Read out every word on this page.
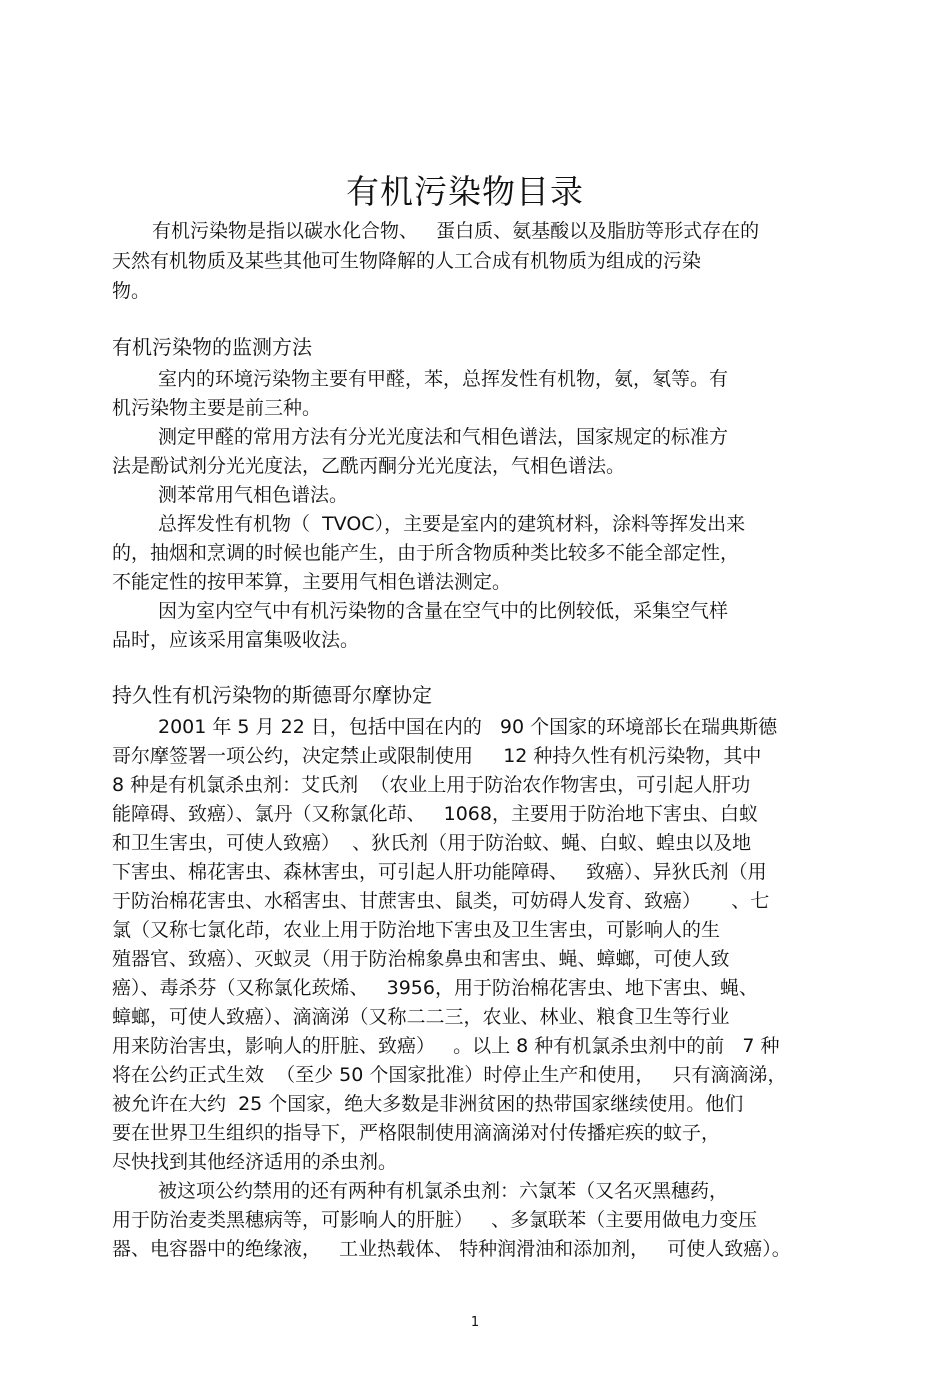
有机污染物目录
有机污染物是指以碳水化合物、   蛋白质、氨基酸以及脂肪等形式存在的
天然有机物质及某些其他可生物降解的人工合成有机物质为组成的污染
物。
有机污染物的监测方法
室内的环境污染物主要有甲醛，苯，总挥发性有机物，氨，氡等。有
机污染物主要是前三种。
测定甲醛的常用方法有分光光度法和气相色谱法，国家规定的标准方
法是酚试剂分光光度法，乙酰丙酮分光光度法，气相色谱法。
测苯常用气相色谱法。
总挥发性有机物（  TVOC），主要是室内的建筑材料，涂料等挥发出来
的，抽烟和烹调的时候也能产生，由于所含物质种类比较多不能全部定性，
不能定性的按甲苯算，主要用气相色谱法测定。
因为室内空气中有机污染物的含量在空气中的比例较低，采集空气样
品时，应该采用富集吸收法。
持久性有机污染物的斯德哥尔摩协定
2001 年 5 月 22 日，包括中国在内的   90 个国家的环境部长在瑞典斯德
哥尔摩签署一项公约，决定禁止或限制使用     12 种持久性有机污染物，其中
8 种是有机氯杀虫剂：艾氏剂  （农业上用于防治农作物害虫，可引起人肝功
能障碍、致癌）、氯丹（又称氯化茚、   1068，主要用于防治地下害虫、白蚁
和卫生害虫，可使人致癌）  、狄氏剂（用于防治蚊、蝇、白蚁、蝗虫以及地
下害虫、棉花害虫、森林害虫，可引起人肝功能障碍、   致癌）、异狄氏剂（用
于防治棉花害虫、水稻害虫、甘蔗害虫、鼠类，可妨碍人发育、致癌）     、七
氯（又称七氯化茚，农业上用于防治地下害虫及卫生害虫，可影响人的生
殖器官、致癌）、灭蚁灵（用于防治棉象鼻虫和害虫、蝇、蟑螂，可使人致
癌）、毒杀芬（又称氯化莰烯、   3956，用于防治棉花害虫、地下害虫、蝇、
蟑螂，可使人致癌）、滴滴涕（又称二二三，农业、林业、粮食卫生等行业
用来防治害虫，影响人的肝脏、致癌）   。以上 8 种有机氯杀虫剂中的前   7 种
将在公约正式生效  （至少 50 个国家批准）时停止生产和使用，   只有滴滴涕，
被允许在大约  25 个国家，绝大多数是非洲贫困的热带国家继续使用。他们
要在世界卫生组织的指导下，严格限制使用滴滴涕对付传播疟疾的蚊子，
尽快找到其他经济适用的杀虫剂。
被这项公约禁用的还有两种有机氯杀虫剂：六氯苯（又名灭黑穗药，
用于防治麦类黑穗病等，可影响人的肝脏）   、多氯联苯（主要用做电力变压
器、电容器中的绝缘液，   工业热载体、 特种润滑油和添加剂，   可使人致癌）。
1
